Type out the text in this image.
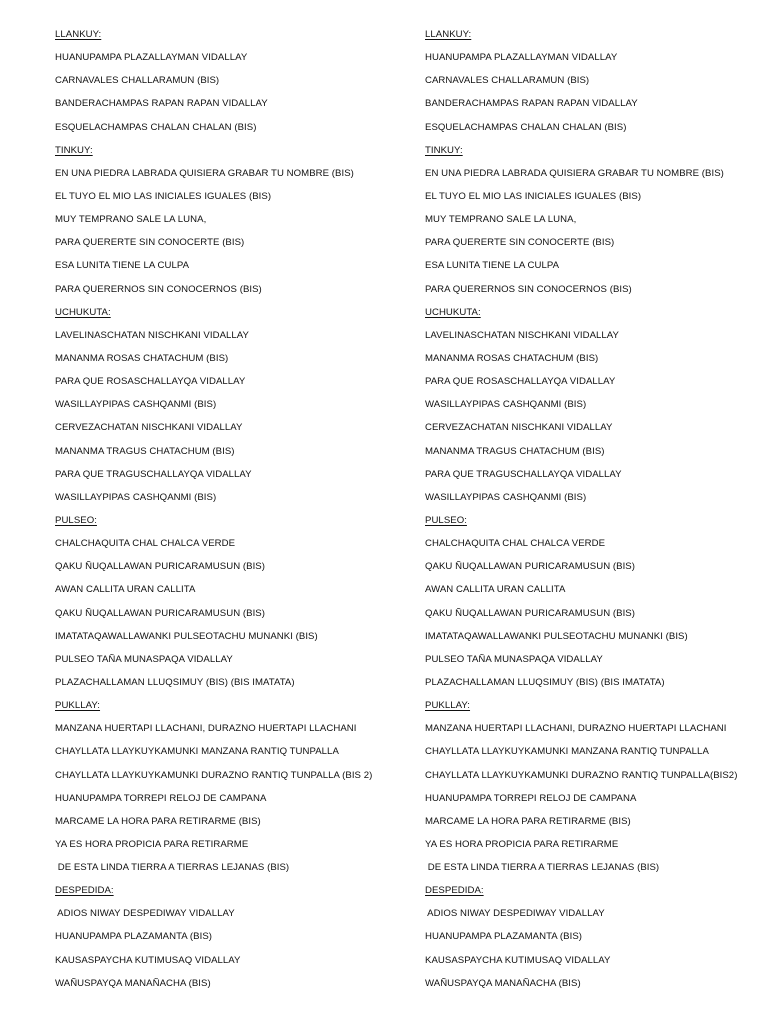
LLANKUY:
HUANUPAMPA PLAZALLAYMAN VIDALLAY
CARNAVALES CHALLARAMUN (BIS)
BANDERACHAMPAS RAPAN RAPAN VIDALLAY
ESQUELACHAMPAS CHALAN CHALAN (BIS)
TINKUY:
EN UNA PIEDRA LABRADA QUISIERA GRABAR TU NOMBRE (BIS)
EL TUYO EL MIO LAS INICIALES IGUALES (BIS)
MUY TEMPRANO SALE LA LUNA,
PARA QUERERTE SIN CONOCERTE (BIS)
ESA LUNITA TIENE LA CULPA
PARA QUERERNOS SIN CONOCERNOS (BIS)
UCHUKUTA:
LAVELINASCHATAN NISCHKANI VIDALLAY
MANANMA ROSAS CHATACHUM (BIS)
PARA QUE ROSASCHALLAYQA VIDALLAY
WASILLAYPIPAS CASHQANMI (BIS)
CERVEZACHATAN NISCHKANI VIDALLAY
MANANMA TRAGUS CHATACHUM (BIS)
PARA QUE TRAGUSCHALLAYQA VIDALLAY
WASILLAYPIPAS CASHQANMI (BIS)
PULSEO:
CHALCHAQUITA CHAL CHALCA VERDE
QAKU ÑUQALLAWAN PURICARAMUSUN (BIS)
AWAN CALLITA URAN CALLITA
QAKU ÑUQALLAWAN PURICARAMUSUN (BIS)
IMATATAQAWALLAWANKI PULSEOTACHU MUNANKI (BIS)
PULSEO TAÑA MUNASPAQA VIDALLAY
PLAZACHALLAMAN LLUQSIMUY (BIS) (BIS IMATATA)
PUKLLAY:
MANZANA HUERTAPI LLACHANI, DURAZNO HUERTAPI LLACHANI
CHAYLLATA LLAYKUYKAMUNKI MANZANA RANTIQ TUNPALLA
CHAYLLATA LLAYKUYKAMUNKI DURAZNO RANTIQ TUNPALLA (BIS 2)
HUANUPAMPA TORREPI RELOJ DE CAMPANA
MARCAME LA HORA PARA RETIRARME (BIS)
YA ES HORA PROPICIA PARA RETIRARME
DE ESTA LINDA TIERRA A TIERRAS LEJANAS (BIS)
DESPEDIDA:
ADIOS NIWAY DESPEDIWAY VIDALLAY
HUANUPAMPA PLAZAMANTA (BIS)
KAUSASPAYCHA KUTIMUSAQ VIDALLAY
WAÑUSPAYQA MANAÑACHA (BIS)
LLANKUY:
HUANUPAMPA PLAZALLAYMAN VIDALLAY
CARNAVALES CHALLARAMUN (BIS)
BANDERACHAMPAS RAPAN RAPAN VIDALLAY
ESQUELACHAMPAS CHALAN CHALAN (BIS)
TINKUY:
EN UNA PIEDRA LABRADA QUISIERA GRABAR TU NOMBRE (BIS)
EL TUYO EL MIO LAS INICIALES IGUALES (BIS)
MUY TEMPRANO SALE LA LUNA,
PARA QUERERTE SIN CONOCERTE (BIS)
ESA LUNITA TIENE LA CULPA
PARA QUERERNOS SIN CONOCERNOS (BIS)
UCHUKUTA:
LAVELINASCHATAN NISCHKANI VIDALLAY
MANANMA ROSAS CHATACHUM (BIS)
PARA QUE ROSASCHALLAYQA VIDALLAY
WASILLAYPIPAS CASHQANMI (BIS)
CERVEZACHATAN NISCHKANI VIDALLAY
MANANMA TRAGUS CHATACHUM (BIS)
PARA QUE TRAGUSCHALLAYQA VIDALLAY
WASILLAYPIPAS CASHQANMI (BIS)
PULSEO:
CHALCHAQUITA CHAL CHALCA VERDE
QAKU ÑUQALLAWAN PURICARAMUSUN (BIS)
AWAN CALLITA URAN CALLITA
QAKU ÑUQALLAWAN PURICARAMUSUN (BIS)
IMATATAQAWALLAWANKI PULSEOTACHU MUNANKI (BIS)
PULSEO TAÑA MUNASPAQA VIDALLAY
PLAZACHALLAMAN LLUQSIMUY (BIS) (BIS IMATATA)
PUKLLAY:
MANZANA HUERTAPI LLACHANI, DURAZNO HUERTAPI LLACHANI
CHAYLLATA LLAYKUYKAMUNKI MANZANA RANTIQ TUNPALLA
CHAYLLATA LLAYKUYKAMUNKI DURAZNO RANTIQ TUNPALLA(BIS2)
HUANUPAMPA TORREPI RELOJ DE CAMPANA
MARCAME LA HORA PARA RETIRARME (BIS)
YA ES HORA PROPICIA PARA RETIRARME
DE ESTA LINDA TIERRA A TIERRAS LEJANAS (BIS)
DESPEDIDA:
ADIOS NIWAY DESPEDIWAY VIDALLAY
HUANUPAMPA PLAZAMANTA (BIS)
KAUSASPAYCHA KUTIMUSAQ VIDALLAY
WAÑUSPAYQA MANAÑACHA (BIS)
